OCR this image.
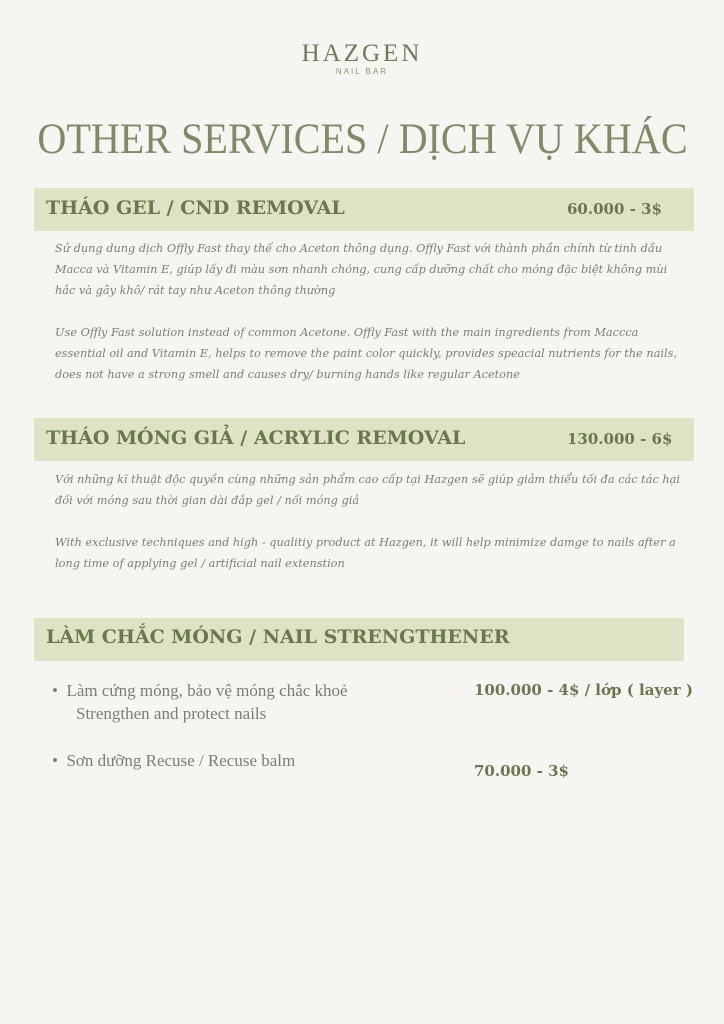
HAZGEN
NAIL BAR
OTHER SERVICES / DỊCH VỤ KHÁC
THÁO GEL / CND REMOVAL	60.000 - 3$

Sử dụng dung dịch Offly Fast thay thế cho Aceton thông dụng. Offly Fast với thành phần chính từ tinh dầu Macca và Vitamin E, giúp lấy đi màu sơn nhanh chóng, cung cấp dưỡng chất cho móng đặc biệt không mùi hắc và gây khô/ rát tay như Aceton thông thường

Use Offly Fast solution instead of common Acetone. Offly Fast with the main ingredients from Maccca essential oil and Vitamin E, helps to remove the paint color quickly, provides speacial nutrients for the nails, does not have a strong smell and causes dry/ burning hands like regular Acetone

THÁO MÓNG GIẢ / ACRYLIC REMOVAL	130.000 - 6$

Với những kĩ thuật độc quyền cùng những sản phẩm cao cấp tại Hazgen sẽ giúp giảm thiểu tối đa các tác hại đối với móng sau thời gian dài đắp gel / nối móng giả

With exclusive techniques and high - qualitiy product at Hazgen, it will help minimize damge to nails after a long time of applying gel / artificial nail extenstion

LÀM CHẮC MÓNG / NAIL STRENGTHENER
•  Làm cứng móng, bảo vệ móng chắc khoẻ
Strengthen and protect nails
100.000 - 4$ / lớp ( layer )
•  Sơn dưỡng Recuse / Recuse balm
70.000 - 3$
